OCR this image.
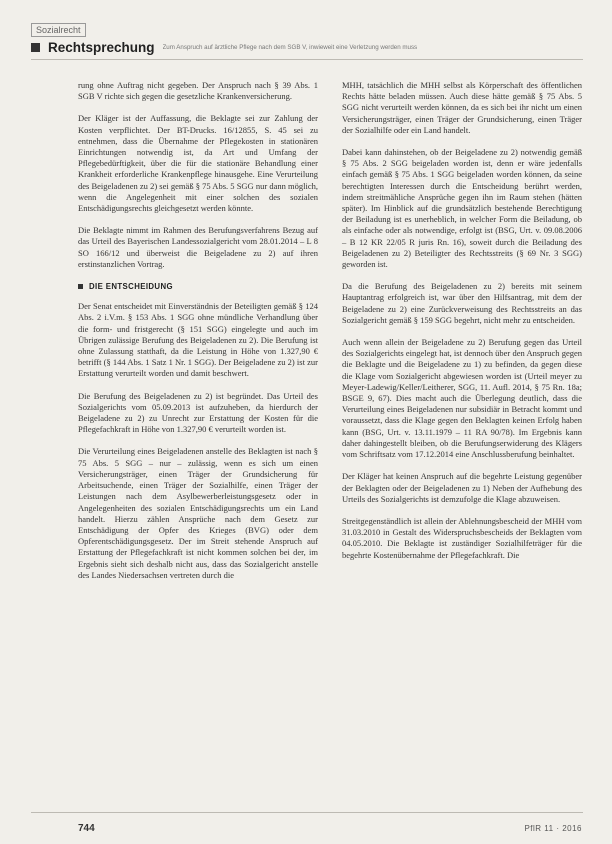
Sozialrecht
Rechtsprechung Zum Anspruch auf ärztliche Pflege nach dem SGB V, inwieweit eine Verletzung werden muss

rung ohne Auftrag nicht gegeben. Der Anspruch nach § 39 Abs. 1 SGB V richte sich gegen die gesetzliche Krankenversicherung.

Der Kläger ist der Auffassung, die Beklagte sei zur Zahlung der Kosten verpflichtet. Der BT-Drucks. 16/12855, S. 45 sei zu entnehmen, dass die Übernahme der Pflegekosten in stationären Einrichtungen notwendig ist, da Art und Umfang der Pflegebedürftigkeit, über die für die stationäre Behandlung einer Krankheit erforderliche Krankenpflege hinausgehe. Eine Verurteilung des Beigeladenen zu 2) sei gemäß § 75 Abs. 5 SGG nur dann möglich, wenn die Angelegenheit mit einer solchen des sozialen Entschädigungsrechts gleichgesetzt werden könnte.

Die Beklagte nimmt im Rahmen des Berufungsverfahrens Bezug auf das Urteil des Bayerischen Landessozialgericht vom 28.01.2014 – L 8 SO 166/12 und überweist die Beigeladene zu 2) auf ihren erstinstanzlichen Vortrag.

DIE ENTSCHEIDUNG

Der Senat entscheidet mit Einverständnis der Beteiligten gemäß § 124 Abs. 2 i.V.m. § 153 Abs. 1 SGG ohne mündliche Verhandlung über die form- und fristgerecht (§ 151 SGG) eingelegte und auch im Übrigen zulässige Berufung des Beigeladenen zu 2). Die Berufung ist ohne Zulassung statthaft, da die Leistung in Höhe von 1.327,90 € betrifft (§ 144 Abs. 1 Satz 1 Nr. 1 SGG). Der Beigeladene zu 2) ist zur Erstattung verurteilt worden und damit beschwert.

Die Berufung des Beigeladenen zu 2) ist begründet. Das Urteil des Sozialgerichts vom 05.09.2013 ist aufzuheben, da hierdurch der Beigeladene zu 2) zu Unrecht zur Erstattung der Kosten für die Pflegefachkraft in Höhe von 1.327,90 € verurteilt worden ist.

Die Verurteilung eines Beigeladenen anstelle des Beklagten ist nach § 75 Abs. 5 SGG – nur – zulässig, wenn es sich um einen Versicherungsträger, einen Träger der Grundsicherung für Arbeitsuchende, einen Träger der Sozialhilfe, einen Träger der Leistungen nach dem Asylbewerberleistungsgesetz oder in Angelegenheiten des sozialen Entschädigungsrechts um ein Land handelt. Hierzu zählen Ansprüche nach dem Gesetz zur Entschädigung der Opfer des Krieges (BVG) oder dem Opferentschädigungsgesetz. Der im Streit stehende Anspruch auf Erstattung der Pflegefachkraft ist nicht kommen solchen bei der, im Ergebnis sieht sich deshalb nicht aus, dass das Sozialgericht anstelle des Landes Niedersachsen vertreten durch die

MHH, tatsächlich die MHH selbst als Körperschaft des öffentlichen Rechts hätte beladen müssen. Auch diese hätte gemäß § 75 Abs. 5 SGG nicht verurteilt werden können, da es sich bei ihr nicht um einen Versicherungsträger, einen Träger der Grundsicherung, einen Träger der Sozialhilfe oder ein Land handelt.

Dabei kann dahinstehen, ob der Beigeladene zu 2) notwendig gemäß § 75 Abs. 2 SGG beigeladen worden ist, denn er wäre jedenfalls einfach gemäß § 75 Abs. 1 SGG beigeladen worden können, da seine berechtigten Interessen durch die Entscheidung berührt werden, indem streitmähliche Ansprüche gegen ihn im Raum stehen (hätten später). Im Hinblick auf die grundsätzlich bestehende Berechtigung der Beiladung ist es unerheblich, in welcher Form die Beiladung, ob als einfache oder als notwendige, erfolgt ist (BSG, Urt. v. 09.08.2006 – B 12 KR 22/05 R juris Rn. 16), soweit durch die Beiladung des Beigeladenen zu 2) Beteiligter des Rechtsstreits (§ 69 Nr. 3 SGG) geworden ist.

Da die Berufung des Beigeladenen zu 2) bereits mit seinem Hauptantrag erfolgreich ist, war über den Hilfsantrag, mit dem der Beigeladene zu 2) eine Zurückverweisung des Rechtsstreits an das Sozialgericht gemäß § 159 SGG begehrt, nicht mehr zu entscheiden.

Auch wenn allein der Beigeladene zu 2) Berufung gegen das Urteil des Sozialgerichts eingelegt hat, ist dennoch über den Anspruch gegen die Beklagte und die Beigeladene zu 1) zu befinden, da gegen diese die Klage vom Sozialgericht abgewiesen worden ist (Urteil meyer zu Meyer-Ladewig/Keller/Leitherer, SGG, 11. Aufl. 2014, § 75 Rn. 18a; BSGE 9, 67). Dies macht auch die Überlegung deutlich, dass die Verurteilung eines Beigeladenen nur subsidiär in Betracht kommt und voraussetzt, dass die Klage gegen den Beklagten keinen Erfolg haben kann (BSG, Urt. v. 13.11.1979 – 11 RA 90/78). Im Ergebnis kann daher dahingestellt bleiben, ob die Berufungserwiderung des Klägers vom Schriftsatz vom 17.12.2014 eine Anschlussberufung beinhaltet.

Der Kläger hat keinen Anspruch auf die begehrte Leistung gegenüber der Beklagten oder der Beigeladenen zu 1) Neben der Aufhebung des Urteils des Sozialgerichts ist demzufolge die Klage abzuweisen.

Streitgegenständlich ist allein der Ablehnungsbescheid der MHH vom 31.03.2010 in Gestalt des Widerspruchsbescheids der Beklagten vom 04.05.2010. Die Beklagte ist zuständiger Sozialhilfeträger für die begehrte Kostenübernahme der Pflegefachkraft. Die

744	PflR 11 · 2016
